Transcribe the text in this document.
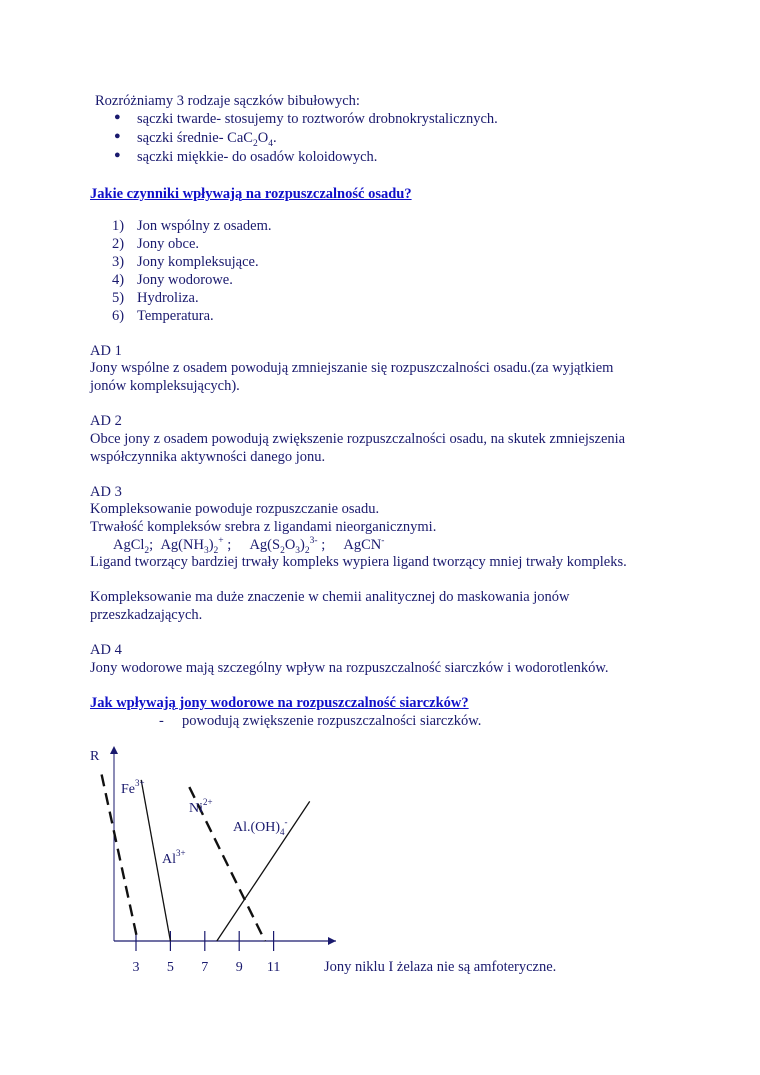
Rozróżniamy 3 rodzaje sączków bibułowych:
● sączki twarde- stosujemy to roztworów drobnokrystalicznych.
● sączki średnie- $CaC_2O_4$.
● sączki miękkie- do osadów koloidowych.
Jakie czynniki wpływają na rozpuszczalność osadu?
1) Jon wspólny z osadem.
2) Jony obce.
3) Jony kompleksujące.
4) Jony wodorowe.
5) Hydroliza.
6) Temperatura.
AD 1
Jony wspólne z osadem powodują zmniejszanie się rozpuszczalności osadu.(za wyjątkiem
jonów kompleksujących).
AD 2
Obce jony z osadem powodują zwiększenie rozpuszczalności osadu, na skutek zmniejszenia
współczynnika aktywności danego jonu.
AD 3
Kompleksowanie powoduje rozpuszczanie osadu.
Trwałość kompleksów srebra z ligandami nieorganicznymi.
AgCl$_2$; $Ag(NH_3)_2^+$ ; $Ag(S_2O_3)_2^{3-}$ ; AgCN-
Ligand tworzący bardziej trwały kompleks wypiera ligand tworzący mniej trwały kompleks.
Kompleksowanie ma duże znaczenie w chemii analitycznej do maskowania jonów
przeszkadzających.
AD 4
Jony wodorowe mają szczególny wpływ na rozpuszczalność siarczków i wodorotlenków.
Jak wpływają jony wodorowe na rozpuszczalność siarczków?
- powodują zwiększenie rozpuszczalności siarczków.
R
3 5 7 9 11
$Fe^{3+}$
$Al^{3+}$
$Ni^{2+}$
$Al.(OH)_4^-$
Jony niklu I żelaza nie są amfoteryczne.
